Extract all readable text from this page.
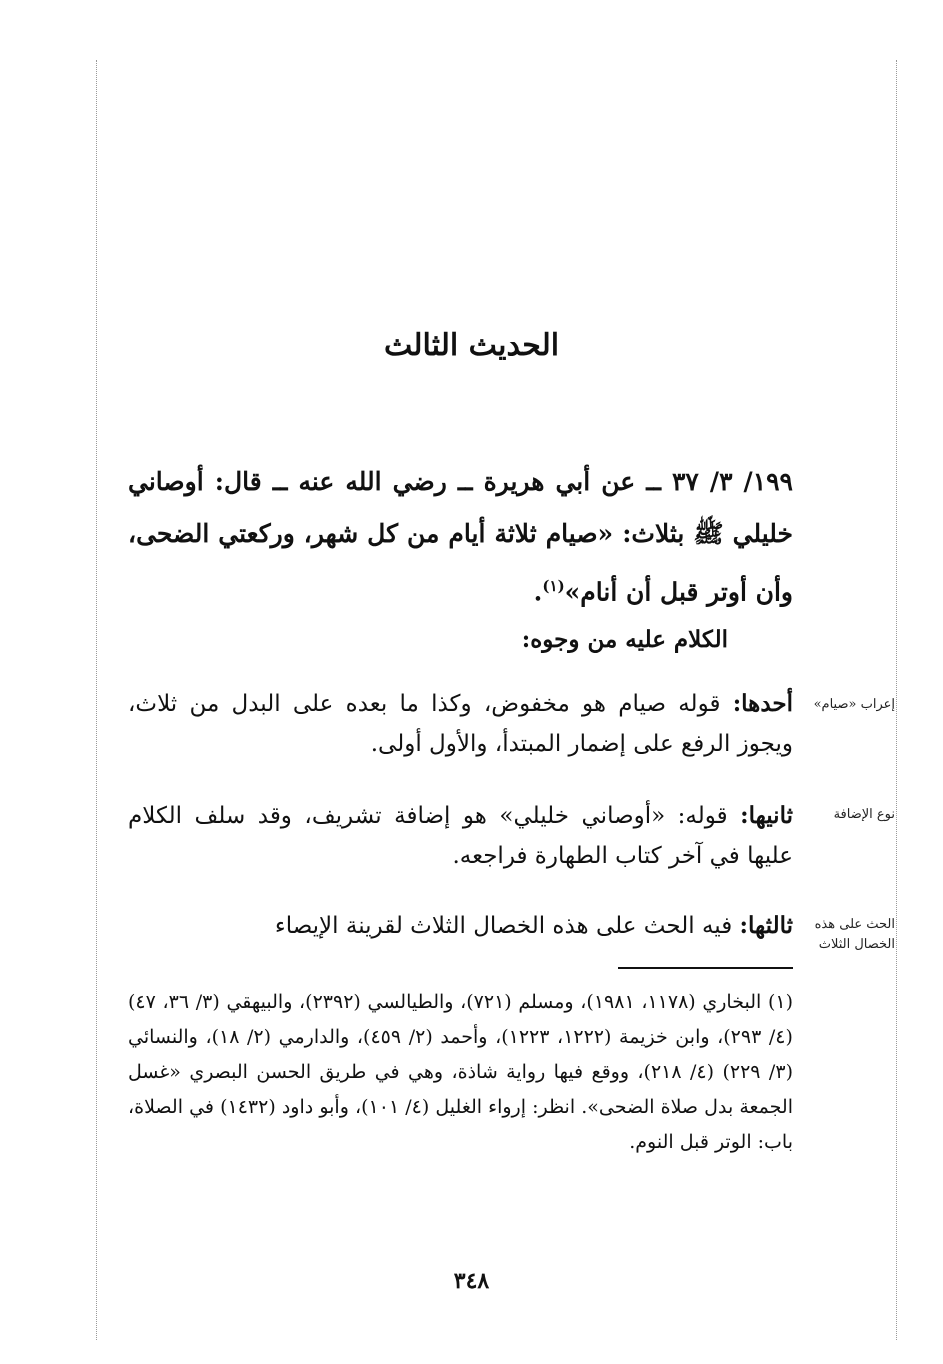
الحديث الثالث
١٩٩/ ٣/ ٣٧ ــ عن أبي هريرة ــ رضي الله عنه ــ قال: أوصاني خليلي ﷺ بثلاث: «صيام ثلاثة أيام من كل شهر، وركعتي الضحى، وأن أوتر قبل أن أنام»$^{(١)}$.
الكلام عليه من وجوه:
إعراب «صيام»
أحدها: قوله صيام هو مخفوض، وكذا ما بعده على البدل من ثلاث، ويجوز الرفع على إضمار المبتدأ، والأول أولى.
نوع الإضافة
ثانيها: قوله: «أوصاني خليلي» هو إضافة تشريف، وقد سلف الكلام عليها في آخر كتاب الطهارة فراجعه.
الحث على هذه الخصال الثلاث
ثالثها: فيه الحث على هذه الخصال الثلاث لقرينة الإيصاء
(١) البخاري (١١٧٨، ١٩٨١)، ومسلم (٧٢١)، والطيالسي (٢٣٩٢)، والبيهقي (٣/ ٣٦، ٤٧) (٤/ ٢٩٣)، وابن خزيمة (١٢٢٢، ١٢٢٣)، وأحمد (٢/ ٤٥٩)، والدارمي (٢/ ١٨)، والنسائي (٣/ ٢٢٩) (٤/ ٢١٨)، ووقع فيها رواية شاذة، وهي في طريق الحسن البصري «غسل الجمعة بدل صلاة الضحى». انظر: إرواء الغليل (٤/ ١٠١)، وأبو داود (١٤٣٢) في الصلاة، باب: الوتر قبل النوم.
٣٤٨
